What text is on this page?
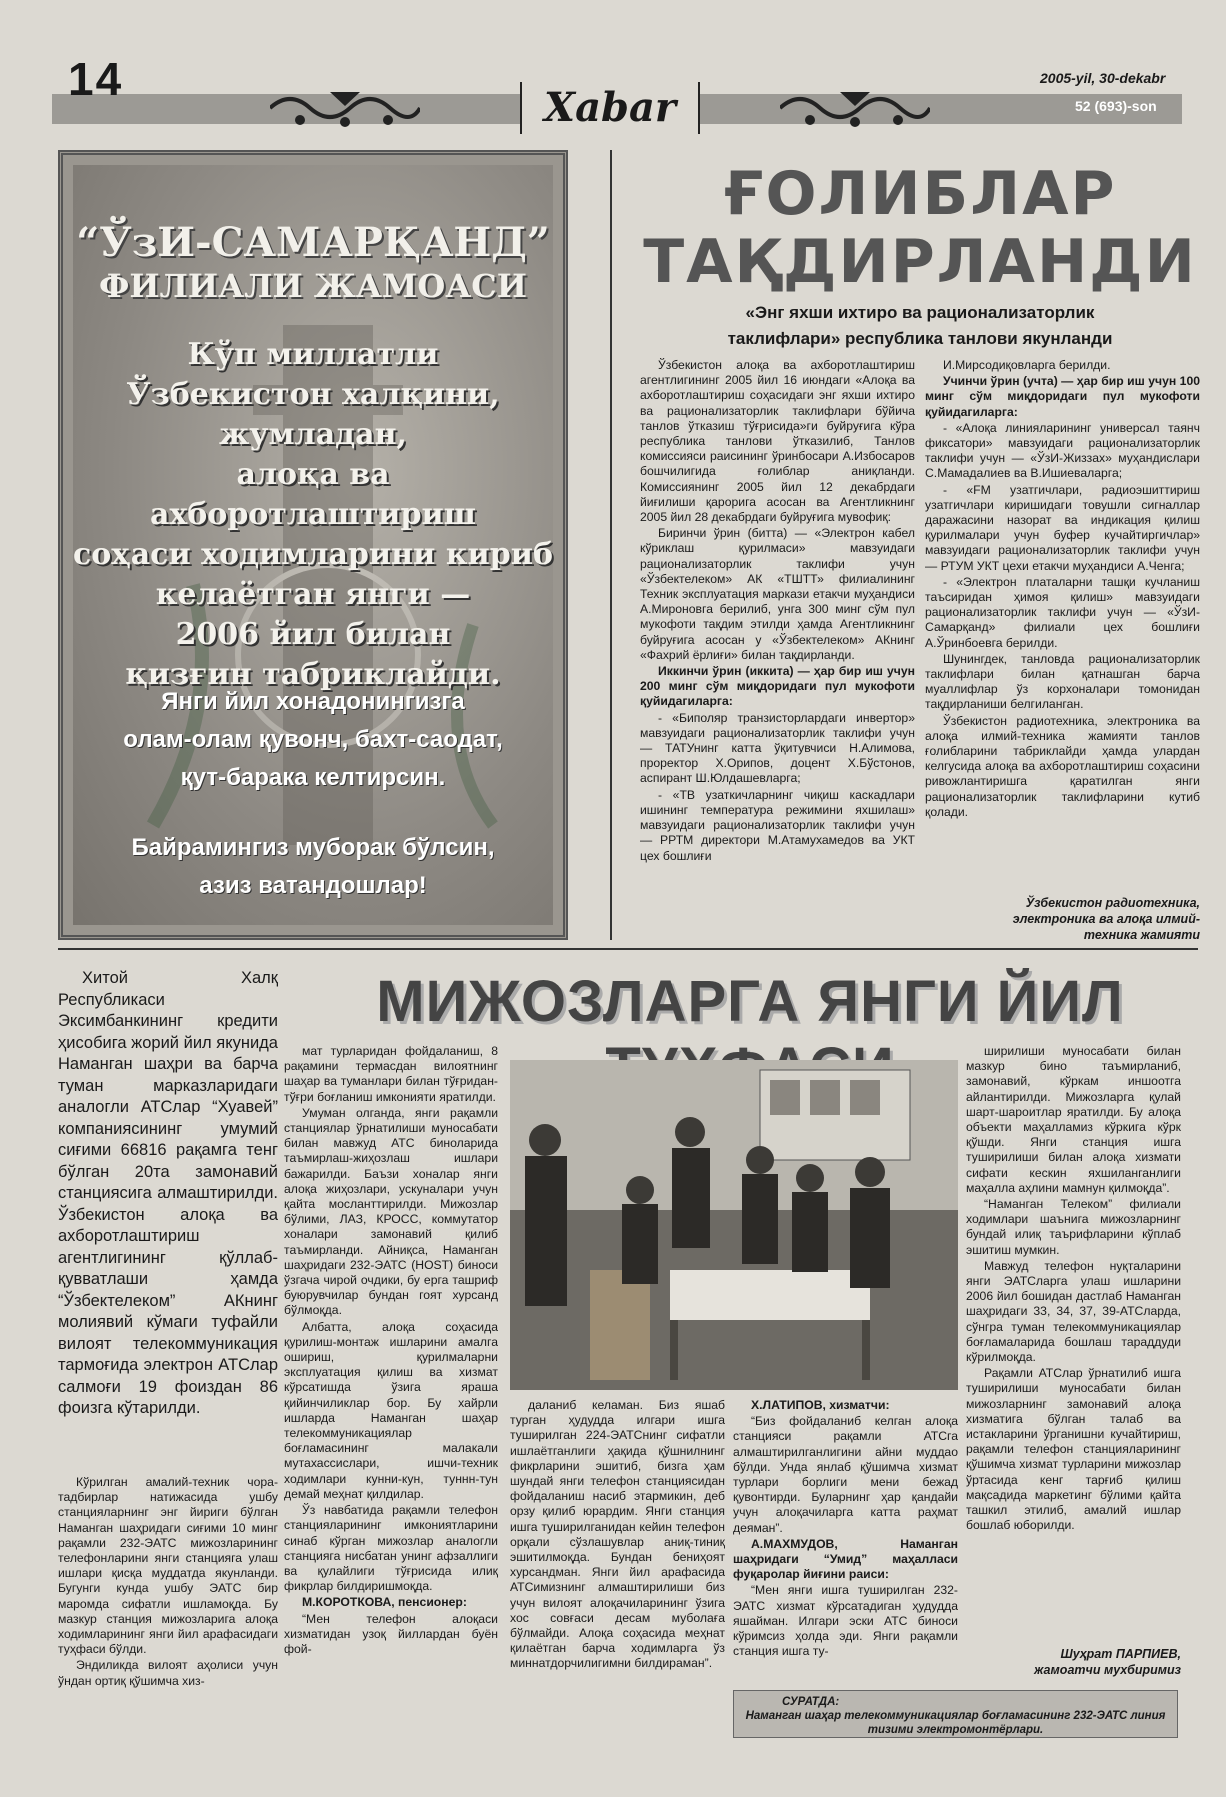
14
Xabar
2005-yil, 30-dekabr
52 (693)-son
“ЎзИ-САМАРҚАНД”
ФИЛИАЛИ ЖАМОАСИ
Кўп миллатли
Ўзбекистон халқини,
жумладан,
алоқа ва ахборотлаштириш
соҳаси ходимларини кириб
келаётган янги —
2006 йил билан
қизғин табриклайди.
Янги йил хонадонингизга
олам-олам қувонч, бахт-саодат,
қут-барака келтирсин.
Байрамингиз муборак бўлсин,
азиз ватандошлар!
ҒОЛИБЛАР
ТАҚДИРЛАНДИ
«Энг яхши ихтиро ва рационализаторлик
таклифлари» республика танлови якунланди

Ўзбекистон алоқа ва ахборотлаштириш агентлигининг 2005 йил 16 июндаги «Алоқа ва ахборотлаштириш соҳасидаги энг яхши ихтиро ва рационализаторлик таклифлари бўйича танлов ўтказиш тўғрисида»ги буйруғига кўра республика танлови ўтказилиб, Танлов комиссияси раисининг ўринбосари А.Избосаров бошчилигида ғолиблар аниқланди. Комиссиянинг 2005 йил 12 декабрдаги йиғилиши қарорига асосан ва Агентликнинг 2005 йил 28 декабрдаги буйруғига мувофиқ:

Биринчи ўрин (битта) — «Электрон кабел кўриклаш қурилмаси» мавзуидаги рационализаторлик таклифи учун «Ўзбектелеком» АК «ТШТТ» филиалининг Техник эксплуатация маркази етакчи муҳандиси А.Мироновга берилиб, унга 300 минг сўм пул мукофоти тақдим этилди ҳамда Агентликнинг буйруғига асосан у «Ўзбектелеком» АКнинг «Фахрий ёрлиғи» билан тақдирланди.

Иккинчи ўрин (иккита) — ҳар бир иш учун 200 минг сўм миқдоридаги пул мукофоти қуйидагиларга:

- «Биполяр транзисторлардаги инвертор» мавзуидаги рационализаторлик таклифи учун — ТАТУнинг катта ўқитувчиси Н.Алимова, проректор Х.Орипов, доцент Х.Бўстонов, аспирант Ш.Юлдашевларга;

- «ТВ узаткичларнинг чиқиш каскадлари ишининг температура режимини яхшилаш» мавзуидаги рационализаторлик таклифи учун — РРТМ директори М.Атамухамедов ва УКТ цех бошлиғи

И.Мирсодиқовларга берилди.

Учинчи ўрин (учта) — ҳар бир иш учун 100 минг сўм миқдоридаги пул мукофоти қуйидагиларга:

- «Алоқа линияларининг универсал таянч фиксатори» мавзуидаги рационализаторлик таклифи учун — «ЎзИ-Жиззах» муҳандислари С.Мамадалиев ва В.Ишиеваларга;

- «FM узатгичлари, радиоэшиттириш узатгичлари киришидаги товушли сигналлар даражасини назорат ва индикация қилиш қурилмалари учун буфер кучайтиргичлар» мавзуидаги рационализаторлик таклифи учун — РТУМ УКТ цехи етакчи муҳандиси А.Ченга;

- «Электрон платаларни ташқи кучланиш таъсиридан ҳимоя қилиш» мавзуидаги рационализаторлик таклифи учун — «ЎзИ-Самарқанд» филиали цех бошлиғи А.Ўринбоевга берилди.

Шунингдек, танловда рационализаторлик таклифлари билан қатнашган барча муаллифлар ўз корхоналари томонидан тақдирланиши белгиланган.

Ўзбекистон радиотехника, электроника ва алоқа илмий-техника жамияти танлов ғолибларини табриклайди ҳамда улардан келгусида алоқа ва ахборотлаштириш соҳасини ривожлантиришга қаратилган янги рационализаторлик таклифларини кутиб қолади.

Ўзбекистон радиотехника,
электроника ва алоқа илмий-
техника жамияти

Хитой Халқ Республикаси Эксимбанкининг кредити ҳисобига жорий йил якунида Наманган шаҳри ва барча туман марказларидаги аналогли АТСлар “Хуавей” компаниясининг умумий сиғими 66816 рақамга тенг бўлган 20та замонавий станциясига алмаштирилди. Ўзбекистон алоқа ва ахборотлаштириш агентлигининг қўллаб-қувватлаши ҳамда “Ўзбектелеком” АКнинг молиявий кўмаги туфайли вилоят телекоммуникация тармоғида электрон АТСлар салмоғи 19 фоиздан 86 фоизга кўтарилди.

МИЖОЗЛАРГА ЯНГИ ЙИЛ

Кўрилган амалий-техник чора-тадбирлар натижасида ушбу станцияларнинг энг йириги бўлган Наманган шаҳридаги сиғими 10 минг рақамли 232-ЭАТС мижозларининг телефонларини янги станцияга улаш ишлари қисқа муддатда якунланди. Бугунги кунда ушбу ЭАТС бир маромда сифатли ишламоқда. Бу мазкур станция мижозларига алоқа ходимларининг янги йил арафасидаги туҳфаси бўлди.

Эндиликда вилоят аҳолиси учун ўндан ортиқ қўшимча хиз-

мат турларидан фойдаланиш, 8 рақамини термасдан вилоятнинг шаҳар ва туманлари билан тўғридан-тўғри боғланиш имконияти яратилди.

Умуман олганда, янги рақамли станциялар ўрнатилиши муносабати билан мавжуд АТС биноларида таъмирлаш-жиҳозлаш ишлари бажарилди. Баъзи хоналар янги алоқа жиҳозлари, ускуналари учун қайта мосланттирилди. Мижозлар бўлими, ЛАЗ, КРОСС, коммутатор хоналари замонавий қилиб таъмирланди. Айниқса, Наманган шаҳридаги 232-ЭАТС (HOST) биноси ўзгача чирой очдики, бу ерга ташриф буюрувчилар бундан гоят хурсанд бўлмоқда.

Албатта, алоқа соҳасида қурилиш-монтаж ишларини амалга ошириш, қурилмаларни эксплуатация қилиш ва хизмат кўрсатишда ўзига яраша қийинчиликлар бор. Бу хайрли ишларда Наманган шаҳар телекоммуникациялар боғламасининг малакали мутахассислари, ишчи-техник ходимлари кунни-кун, туннн-тун демай меҳнат қилдилар.

Ўз навбатида рақамли телефон станцияларининг имкониятларини синаб кўрган мижозлар аналогли станцияга нисбатан унинг афзаллиги ва қулайлиги тўғрисида илиқ фикрлар билдиришмоқда.

М.КОРОТКОВА, пенсионер:

“Мен телефон алоқаси хизматидан узоқ йиллардан буён фой-

даланиб келаман. Биз яшаб турган ҳудудда илгари ишга туширилган 224-ЭАТСнинг сифатли ишлаётганлиги ҳақида қўшнилнинг фикрларини эшитиб, бизга ҳам шундай янги телефон станциясидан фойдаланиш насиб этармикин, деб орзу қилиб юрардим. Янги станция ишга туширилганидан кейин телефон орқали сўзлашувлар аниқ-тиниқ эшитилмоқда. Бундан бениҳоят хурсандман. Янги йил арафасида АТСимизнинг алмаштирилиши биз учун вилоят алоқачиларининг ўзига хос совғаси десам муболаға бўлмайди. Алоқа соҳасида меҳнат қилаётган барча ходимларга ўз миннатдорчилигимни билдираман”.

Х.ЛАТИПОВ, хизматчи:

“Биз фойдаланиб келган алоқа станцияси рақамли АТСга алмаштирилганлигини айни муддао бўлди. Унда янлаб қўшимча хизмат турлари борлиги мени бежад қувонтирди. Буларнинг ҳар қандайи учун алоқачиларга катта раҳмат деяман”.

А.МАХМУДОВ, Наманган шаҳридаги “Умид” маҳалласи фуқаролар йиғини раиси:

“Мен янги ишга туширилган 232-ЭАТС хизмат кўрсатадиган ҳудудда яшайман. Илгари эски АТС биноси кўримсиз ҳолда эди. Янги рақамли станция ишга ту-

ширилиши муносабати билан мазкур бино таъмирланиб, замонавий, кўркам иншоотга айлантирилди. Мижозларга қулай шарт-шароитлар яратилди. Бу алоқа объекти маҳалламиз кўркига кўрк қўшди. Янги станция ишга туширилиши билан алоқа хизмати сифати кескин яхшиланганлиги маҳалла аҳлини мамнун қилмоқда”.

“Наманган Телеком” филиали ходимлари шаънига мижозларнинг бундай илиқ таърифларини кўплаб эшитиш мумкин.

Мавжуд телефон нуқталарини янги ЭАТСларга улаш ишларини 2006 йил бошидан дастлаб Наманган шаҳридаги 33, 34, 37, 39-АТСларда, сўнгра туман телекоммуникациялар боғламаларида бошлаш тараддуди кўрилмоқда.

Рақамли АТСлар ўрнатилиб ишга туширилиши муносабати билан мижозларнинг замонавий алоқа хизматига бўлган талаб ва истакларини ўрганишни кучайтириш, рақамли телефон станцияларининг қўшимча хизмат турларини мижозлар ўртасида кенг тарғиб қилиш мақсадида маркетинг бўлими қайта ташкил этилиб, амалий ишлар бошлаб юборилди.

Шуҳрат ПАРПИЕВ,
жамоатчи мухбиримиз
СУРАТДА:
Наманган шаҳар телекоммуникациялар боғламасининг 232-ЭАТС линия тизими электромонтёрлари.
